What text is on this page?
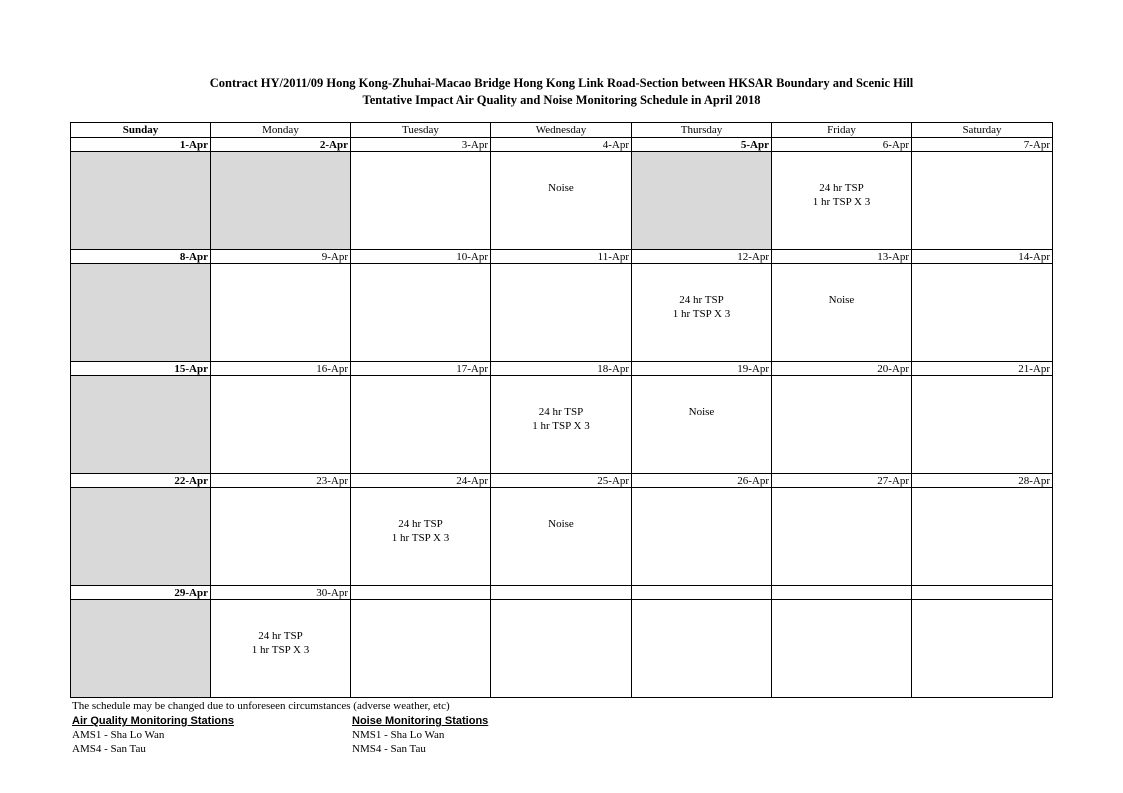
Contract HY/2011/09 Hong Kong-Zhuhai-Macao Bridge Hong Kong Link Road-Section between HKSAR Boundary and Scenic Hill
Tentative Impact Air Quality and Noise Monitoring Schedule in April 2018
Sunday	Monday	Tuesday	Wednesday	Thursday	Friday	Saturday
1-Apr	2-Apr	3-Apr	4-Apr	5-Apr	6-Apr	7-Apr

			Noise		24 hr TSP
1 hr TSP X 3	

8-Apr	9-Apr	10-Apr	11-Apr	12-Apr	13-Apr	14-Apr

				24 hr TSP
1 hr TSP X 3	Noise	

15-Apr	16-Apr	17-Apr	18-Apr	19-Apr	20-Apr	21-Apr

			24 hr TSP
1 hr TSP X 3	Noise		

22-Apr	23-Apr	24-Apr	25-Apr	26-Apr	27-Apr	28-Apr

		24 hr TSP
1 hr TSP X 3	Noise			

29-Apr	30-Apr					

	24 hr TSP
1 hr TSP X 3					

The schedule may be changed due to unforeseen circumstances (adverse weather, etc)
Air Quality Monitoring Stations
AMS1 - Sha Lo Wan
AMS4 - San Tau
Noise Monitoring Stations
NMS1 - Sha Lo Wan
NMS4 - San Tau
